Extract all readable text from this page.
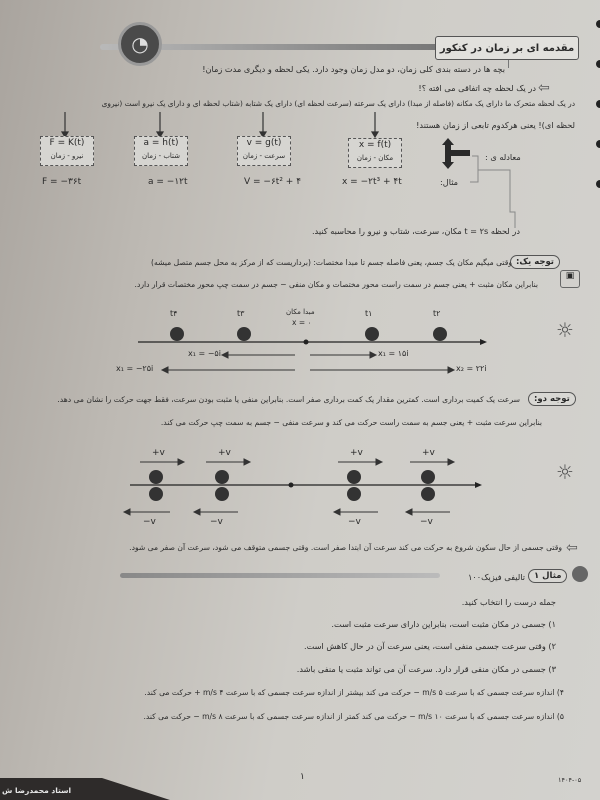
◔	مقدمه ای بر زمان در کنکور
بچه ها در دسته بندی کلی زمان، دو مدل زمان وجود دارد. یکی لحظه و دیگری مدت زمان!
⇦
در یک لحظه چه اتفاقی می افته ؟!
در یک لحظه متحرک ما دارای یک مکانه (فاصله از مبدا) دارای یک سرعته (سرعت لحظه ای) دارای یک شتابه (شتاب لحظه ای و دارای یک نیرو است (نیروی
لحظه ای)! یعنی هرکدوم تابعی از زمان هستند!
x = f(t)
مکان - زمان
v = g(t)
سرعت - زمان
a = h(t)
شتاب - زمان
F = K(t)
نیرو - زمان	معادله ی :
مثال:
x = −۲t³ + ۴t
V = −۶t² + ۴
a = −۱۲t
F = −۳۶t
در لحظه t = ۲s مکان، سرعت، شتاب و نیرو را محاسبه کنید.
توجه یک:
وقتی میگیم مکان یک جسم، یعنی فاصله جسم تا مبدا مختصات: (برداریست که از مرکز به محل جسم متصل میشه)
بنابراین مکان مثبت + یعنی جسم در سمت راست محور مختصات و مکان منفی − جسم در سمت چپ محور مختصات قرار دارد.
▣
☼
t۴	t۳	t۱	t۲
مبدا مکان
x = ۰
x₁ = −۵i	x₁ = ۱۵i
x₁ = −۲۵i	x₂ = ۲۲i
توجه دو:
سرعت یک کمیت برداری است. کمترین مقدار یک کمت برداری صفر است. بنابراین منفی یا مثبت بودن سرعت، فقط جهت حرکت را نشان می دهد.
بنابراین سرعت مثبت + یعنی جسم به سمت راست حرکت می کند و سرعت منفی − جسم به سمت چپ حرکت می کند.
☼
+v	+v	+v	+v
−v	−v	−v	−v
⇦
وقتی جسمی از حال سکون شروع به حرکت می کند سرعت آن ابتدا صفر است. وقتی جسمی متوقف می شود، سرعت آن صفر می شود.
مثال ۱
تالیفی فیزیک۱۰۰
جمله درست را انتخاب کنید.
۱) جسمی در مکان مثبت است، بنابراین دارای سرعت مثبت است.
۲) وقتی سرعت جسمی منفی است، یعنی سرعت آن در حال کاهش است.
۳) جسمی در مکان منفی قرار دارد. سرعت آن می تواند مثبت یا منفی باشد.
۴) اندازه سرعت جسمی که با سرعت ۵ m/s − حرکت می کند بیشتر از اندازه سرعت جسمی که با سرعت ۴ m/s + حرکت می کند.
۵) اندازه سرعت جسمی که با سرعت ۱۰ m/s − حرکت می کند کمتر از اندازه سرعت جسمی که با سرعت ۸ m/s − حرکت می کند.
۱	۱۴۰۴-۰۵
استاد محمدرضا ش
